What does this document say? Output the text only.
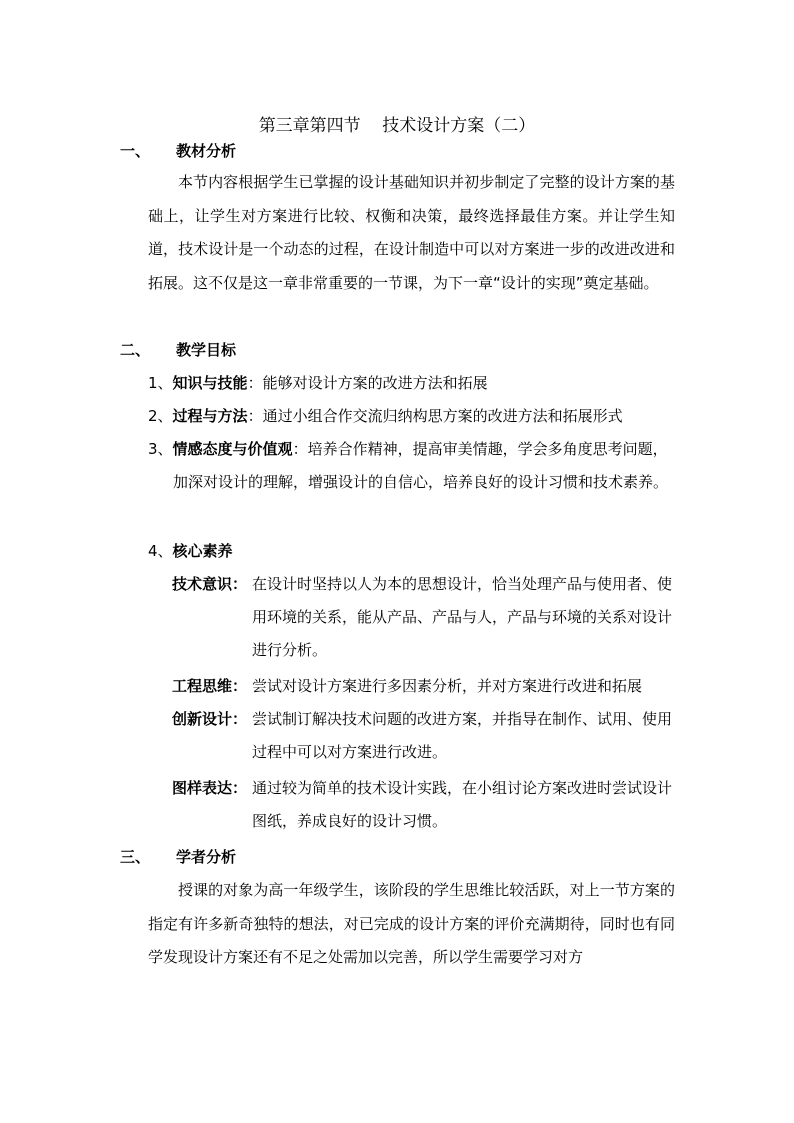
第三章第四节    技术设计方案（二）
一、 教材分析

本节内容根据学生已掌握的设计基础知识并初步制定了完整的设计方案的基础上，让学生对方案进行比较、权衡和决策，最终选择最佳方案。并让学生知道，技术设计是一个动态的过程，在设计制造中可以对方案进一步的改进改进和拓展。这不仅是这一章非常重要的一节课，为下一章“设计的实现”奠定基础。

二、 教学目标
1、知识与技能：能够对设计方案的改进方法和拓展
2、过程与方法：通过小组合作交流归纳构思方案的改进方法和拓展形式
3、情感态度与价值观：培养合作精神，提高审美情趣，学会多角度思考问题，加深对设计的理解，增强设计的自信心，培养良好的设计习惯和技术素养。
4、核心素养
技术意识： 在设计时坚持以人为本的思想设计，恰当处理产品与使用者、使用环境的关系，能从产品、产品与人，产品与环境的关系对设计进行分析。
工程思维： 尝试对设计方案进行多因素分析，并对方案进行改进和拓展
创新设计： 尝试制订解决技术问题的改进方案，并指导在制作、试用、使用过程中可以对方案进行改进。
图样表达： 通过较为简单的技术设计实践，在小组讨论方案改进时尝试设计图纸，养成良好的设计习惯。
三、 学者分析

授课的对象为高一年级学生，该阶段的学生思维比较活跃，对上一节方案的指定有许多新奇独特的想法，对已完成的设计方案的评价充满期待，同时也有同学发现设计方案还有不足之处需加以完善，所以学生需要学习对方
